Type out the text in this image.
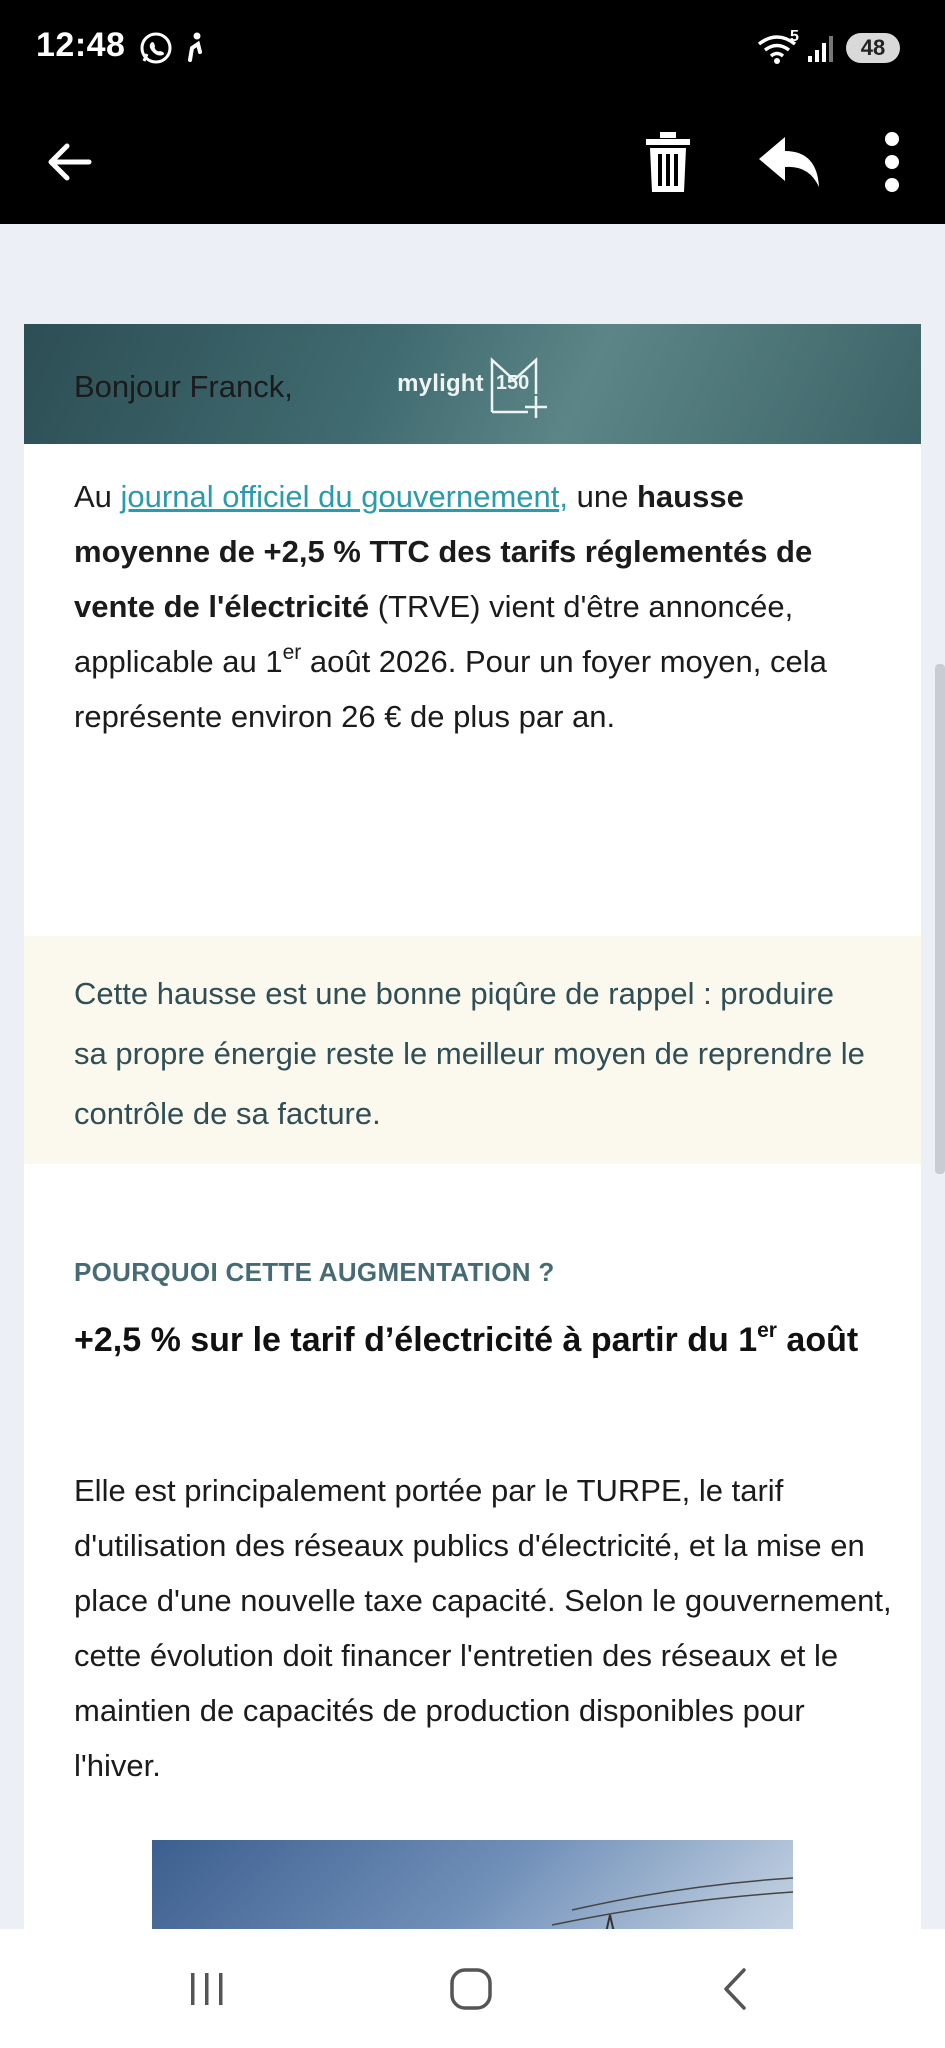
12:48	5	48
mylight 150
Bonjour Franck,
Au journal officiel du gouvernement, une hausse moyenne de +2,5 % TTC des tarifs réglementés de vente de l'électricité (TRVE) vient d'être annoncée, applicable au 1er août 2026. Pour un foyer moyen, cela représente environ 26 € de plus par an.
Cette hausse est une bonne piqûre de rappel : produire sa propre énergie reste le meilleur moyen de reprendre le contrôle de sa facture.
POURQUOI CETTE AUGMENTATION ?
+2,5 % sur le tarif d’électricité à partir du 1er août
Elle est principalement portée par le TURPE, le tarif d'utilisation des réseaux publics d'électricité, et la mise en place d'une nouvelle taxe capacité. Selon le gouvernement, cette évolution doit financer l'entretien des réseaux et le maintien de capacités de production disponibles pour l'hiver.
